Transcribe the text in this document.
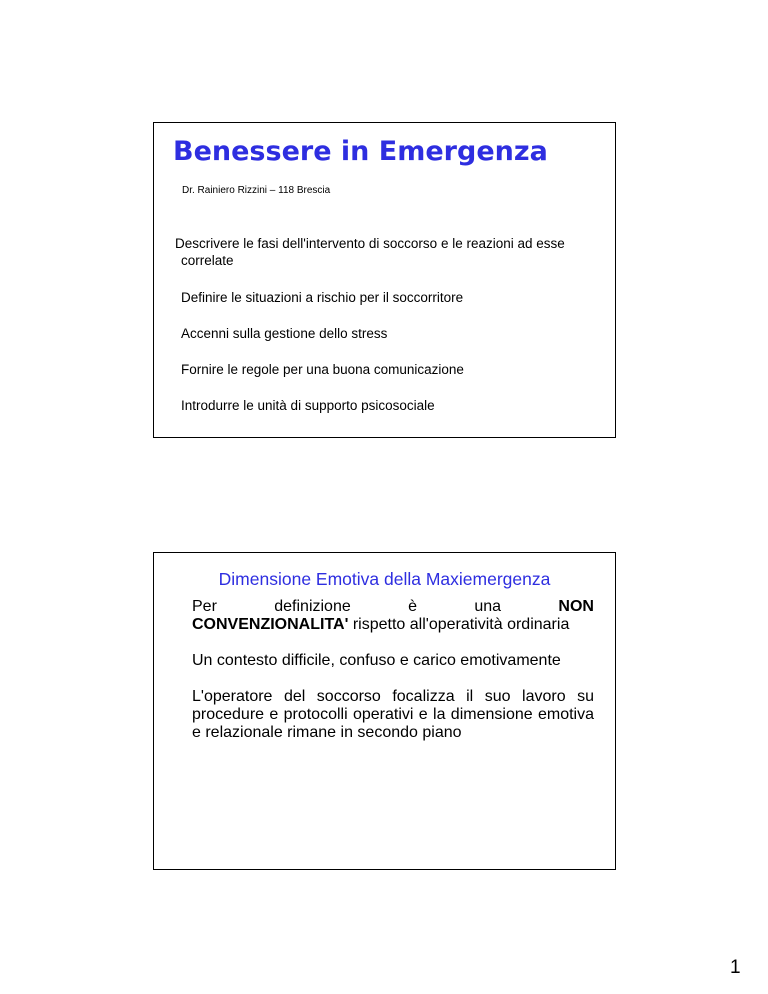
Benessere in Emergenza
Dr. Rainiero Rizzini – 118 Brescia
Descrivere le fasi dell'intervento di soccorso e le reazioni ad esse correlate
Definire le situazioni a rischio per il soccorritore
Accenni sulla gestione dello stress
Fornire le regole per una buona comunicazione
Introdurre le unità di supporto psicosociale
Dimensione Emotiva della Maxiemergenza
Per	definizione	è	una	NON
CONVENZIONALITA' rispetto all'operatività ordinaria

Un contesto difficile, confuso e carico emotivamente

L'operatore del soccorso focalizza il suo lavoro su procedure e protocolli operativi e la dimensione emotiva e relazionale rimane in secondo piano

1
